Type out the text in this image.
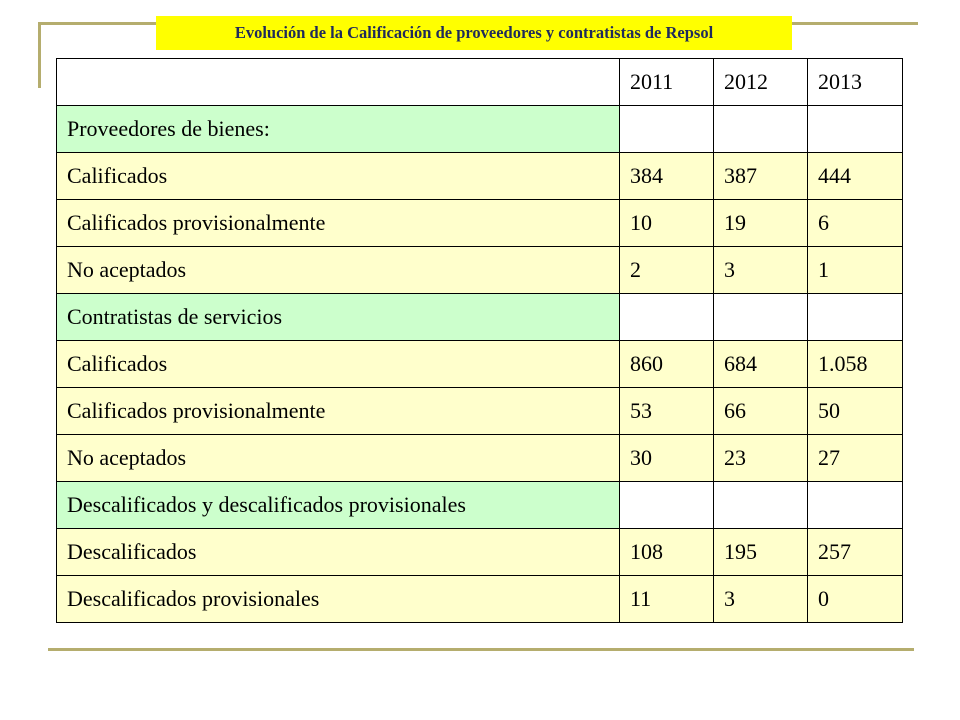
Evolución de la Calificación de proveedores y contratistas de Repsol
	2011	2012	2013
Proveedores de bienes:			
Calificados	384	387	444
Calificados provisionalmente	10	19	6
No aceptados	2	3	1
Contratistas de servicios			
Calificados	860	684	1.058
Calificados provisionalmente	53	66	50
No aceptados	30	23	27
Descalificados y descalificados provisionales			
Descalificados	108	195	257
Descalificados provisionales	11	3	0
